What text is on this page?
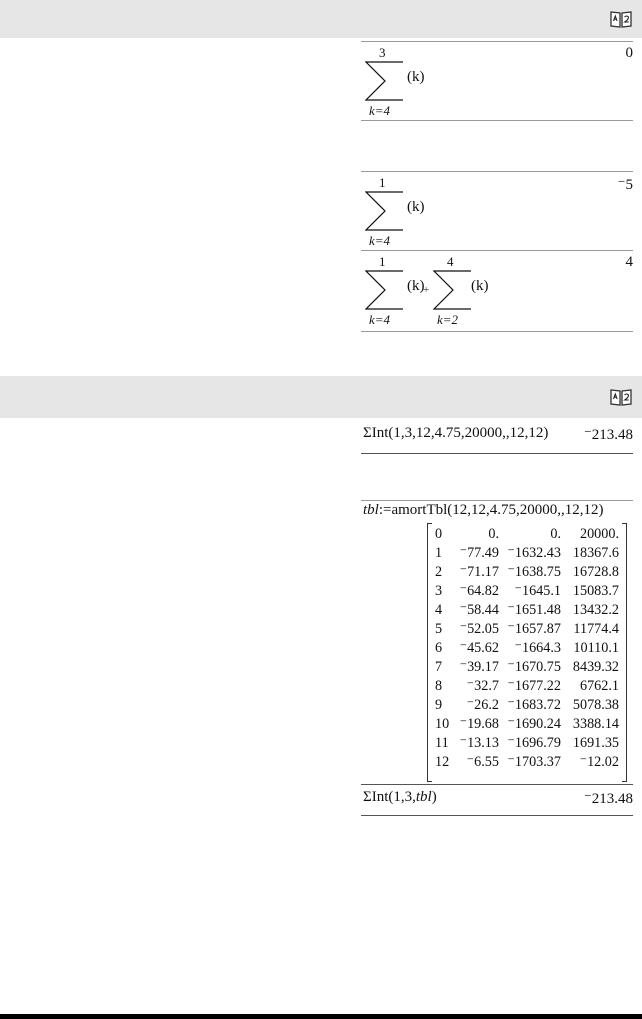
3
k=4
(k)
0
1
k=4
(k)
⁻5
1
k=4
(k)
+
4
k=2
(k)
4
ΣInt(1,3,12,4.75,20000,,12,12) ⁻213.48
tbl:=amortTbl(12,12,4.75,20000,,12,12)
0	0.	0.	20000.
1	⁻77.49	⁻1632.43	18367.6
2	⁻71.17	⁻1638.75	16728.8
3	⁻64.82	⁻1645.1	15083.7
4	⁻58.44	⁻1651.48	13432.2
5	⁻52.05	⁻1657.87	11774.4
6	⁻45.62	⁻1664.3	10110.1
7	⁻39.17	⁻1670.75	8439.32
8	⁻32.7	⁻1677.22	6762.1
9	⁻26.2	⁻1683.72	5078.38
10	⁻19.68	⁻1690.24	3388.14
11	⁻13.13	⁻1696.79	1691.35
12	⁻6.55	⁻1703.37	⁻12.02
ΣInt(1,3,tbl)	⁻213.48
